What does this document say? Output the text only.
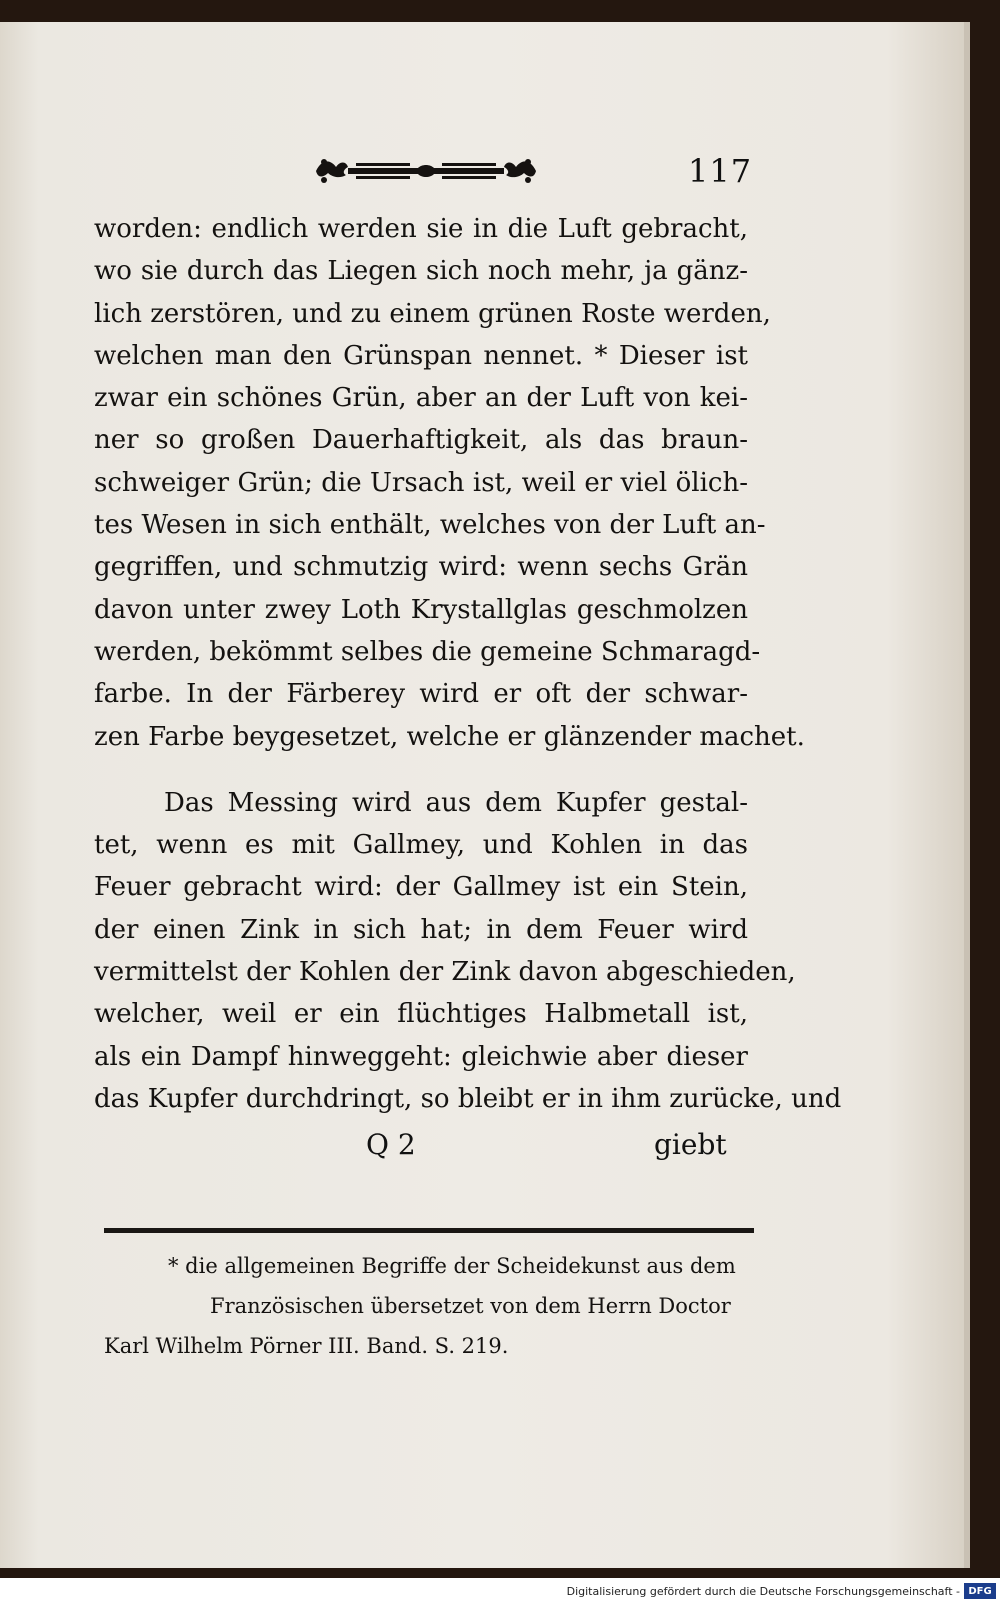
117
worden: endlich werden sie in die Luft gebracht,
wo sie durch das Liegen sich noch mehr, ja gänz-
lich zerstören, und zu einem grünen Roste werden,
welchen man den Grünspan nennet. * Dieser ist
zwar ein schönes Grün, aber an der Luft von kei-
ner so großen Dauerhaftigkeit, als das braun-
schweiger Grün; die Ursach ist, weil er viel ölich-
tes Wesen in sich enthält, welches von der Luft an-
gegriffen, und schmutzig wird: wenn sechs Grän
davon unter zwey Loth Krystallglas geschmolzen
werden, bekömmt selbes die gemeine Schmaragd-
farbe. In der Färberey wird er oft der schwar-
zen Farbe beygesetzet, welche er glänzender machet.
Das Messing wird aus dem Kupfer gestal-
tet, wenn es mit Gallmey, und Kohlen in das
Feuer gebracht wird: der Gallmey ist ein Stein,
der einen Zink in sich hat; in dem Feuer wird
vermittelst der Kohlen der Zink davon abgeschieden,
welcher, weil er ein flüchtiges Halbmetall ist,
als ein Dampf hinweggeht: gleichwie aber dieser
das Kupfer durchdringt, so bleibt er in ihm zurücke, und
Q 2	giebt
* die allgemeinen Begriffe der Scheidekunst aus dem
Französischen übersetzet von dem Herrn Doctor
Karl Wilhelm Pörner III. Band. S. 219.
Digitalisierung gefördert durch die Deutsche Forschungsgemeinschaft - DFG
